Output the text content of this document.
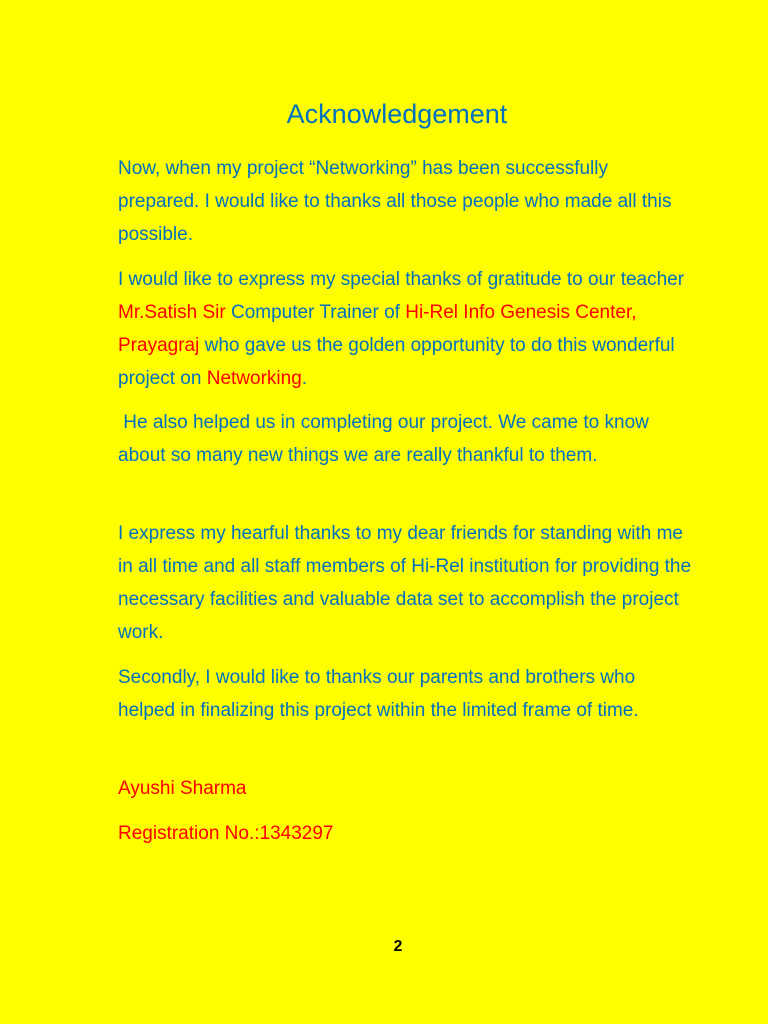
Acknowledgement

Now, when my project “Networking” has been successfully prepared. I would like to thanks all those people who made all this possible.

I would like to express my special thanks of gratitude to our teacher Mr.Satish Sir Computer Trainer of Hi-Rel Info Genesis Center, Prayagraj who gave us the golden opportunity to do this wonderful project on Networking.

He also helped us in completing our project. We came to know about so many new things we are really thankful to them.

I express my hearful thanks to my dear friends for standing with me in all time and all staff members of Hi-Rel institution for providing the necessary facilities and valuable data set to accomplish the project work.

Secondly, I would like to thanks our parents and brothers who helped in finalizing this project within the limited frame of time.

Ayushi Sharma

Registration No.:1343297

2
